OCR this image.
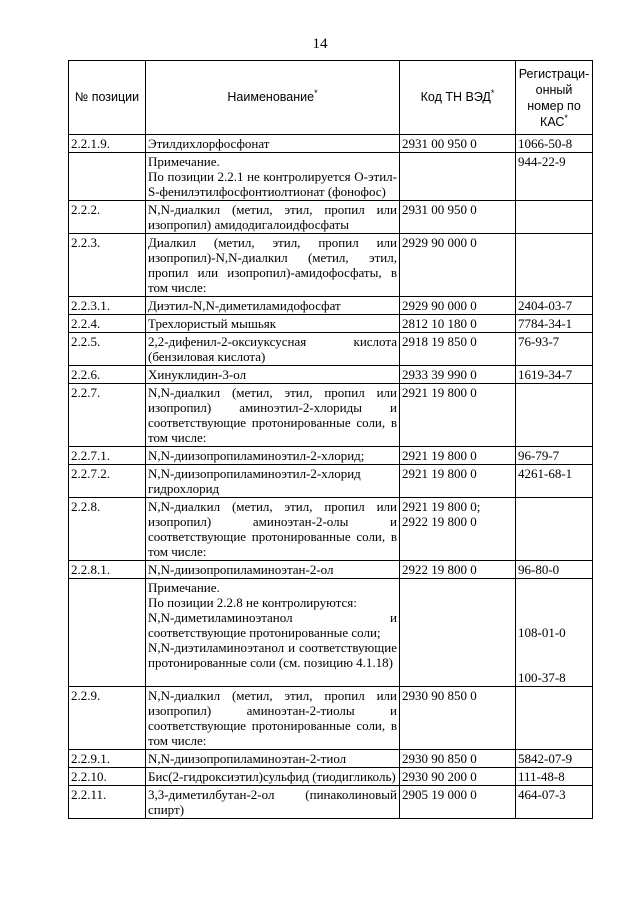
14
№ позиции	Наименование*	Код ТН ВЭД*	Регистраци-онный номер по КАС*
2.2.1.9.	Этилдихлорфосфонат	2931 00 950 0	1066-50-8

	Примечание.
По позиции 2.2.1 не контролируется О-этил-S-фенилэтилфосфонтиолтионат (фонофос)		944-22-9
2.2.2.	N,N-диалкил (метил, этил, пропил или изопропил) амидодигалоидфосфаты	2931 00 950 0	
2.2.3.	Диалкил (метил, этил, пропил или изопропил)-N,N-диалкил (метил, этил, пропил или изопропил)-амидофосфаты, в том числе:	2929 90 000 0	
2.2.3.1.	Диэтил-N,N-диметиламидофосфат	2929 90 000 0	2404-03-7
2.2.4.	Трехлористый мышьяк	2812 10 180 0	7784-34-1
2.2.5.	2,2-дифенил-2-оксиуксусная кислота (бензиловая кислота)	2918 19 850 0	76-93-7
2.2.6.	Хинуклидин-3-ол	2933 39 990 0	1619-34-7
2.2.7.	N,N-диалкил (метил, этил, пропил или изопропил) аминоэтил-2-хлориды и соответствующие протонированные соли, в том числе:	2921 19 800 0	
2.2.7.1.	N,N-диизопропиламиноэтил-2-хлорид;	2921 19 800 0	96-79-7
2.2.7.2.	N,N-диизопропиламиноэтил-2-хлорид гидрохлорид	2921 19 800 0	4261-68-1
2.2.8.	N,N-диалкил (метил, этил, пропил или изопропил) аминоэтан-2-олы и соответствующие протонированные соли, в том числе:	2921 19 800 0;
2922 19 800 0	

2.2.8.1.	N,N-диизопропиламиноэтан-2-ол	2922 19 800 0	96-80-0

	Примечание.
По позиции 2.2.8 не контролируются:
N,N-диметиламиноэтанол и соответствующие протонированные соли;
N,N-диэтиламиноэтанол и соответствующие протонированные соли (см. позицию 4.1.18)		108-01-0
100-37-8

2.2.9.	N,N-диалкил (метил, этил, пропил или изопропил) аминоэтан-2-тиолы и соответствующие протонированные соли, в том числе:	2930 90 850 0	
2.2.9.1.	N,N-диизопропиламиноэтан-2-тиол	2930 90 850 0	5842-07-9
2.2.10.	Бис(2-гидроксиэтил)сульфид (тиодигликоль)	2930 90 200 0	111-48-8
2.2.11.	3,3-диметилбутан-2-ол (пинаколиновый спирт)	2905 19 000 0	464-07-3
